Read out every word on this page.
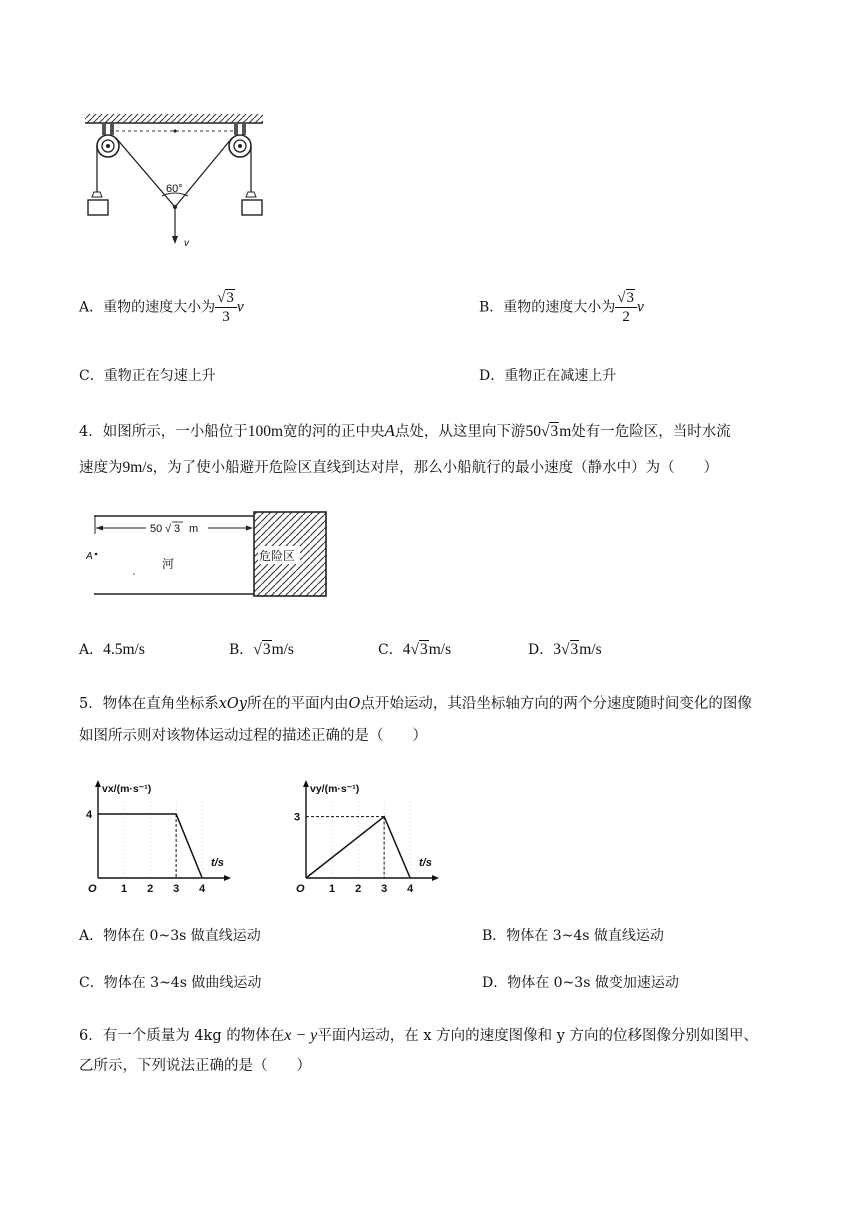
60°
v
A．重物的速度大小为 $\frac{√3}{3}$ v	B．重物的速度大小为 $\frac{√3}{2}$ v
C．重物正在匀速上升	D．重物正在减速上升
4．如图所示，一小船位于100m宽的河的正中央A点处，从这里向下游50√3m处有一危险区，当时水流
速度为9m/s，为了使小船避开危险区直线到达对岸，那么小船航行的最小速度（静水中）为（　　）
50 √ 3 m
A
河
危险区
A．4.5m/s	B．√3m/s	C．4√3m/s	D．3√3m/s
5．物体在直角坐标系xOy所在的平面内由O点开始运动，其沿坐标轴方向的两个分速度随时间变化的图像
如图所示则对该物体运动过程的描述正确的是（　　）
vx/(m·s⁻¹)
t/s
O 1 2 3 4
4
vy/(m·s⁻¹)
t/s
O 1 2 3 4
3
A．物体在 0~3s 做直线运动	B．物体在 3~4s 做直线运动
C．物体在 3~4s 做曲线运动	D．物体在 0~3s 做变加速运动
6．有一个质量为 4kg 的物体在x − y平面内运动，在 x 方向的速度图像和 y 方向的位移图像分别如图甲、
乙所示，下列说法正确的是（　　）
